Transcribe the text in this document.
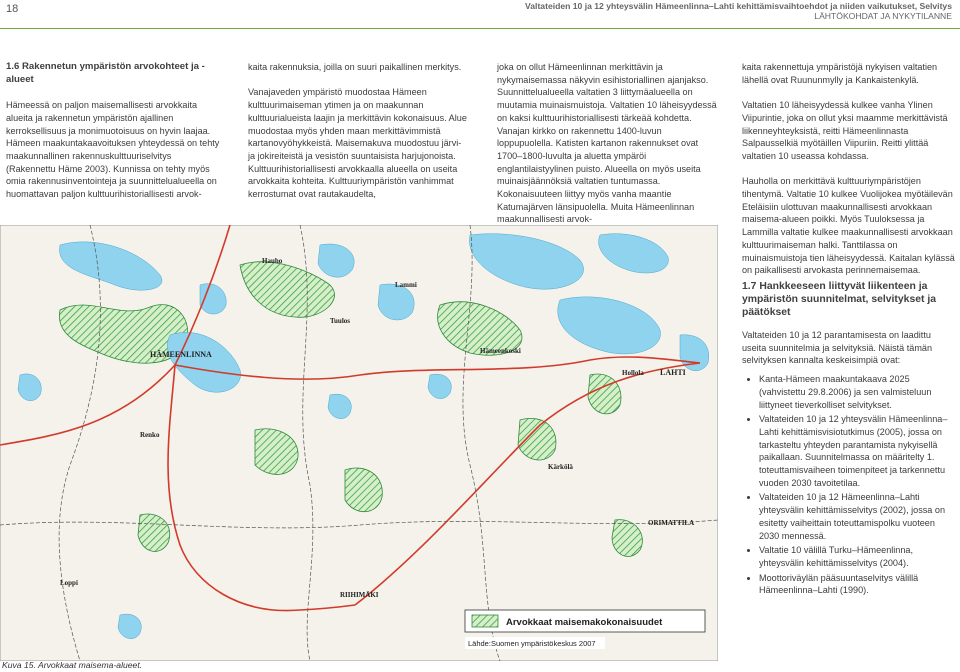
18	Valtateiden 10 ja 12 yhteysvälin Hämeenlinna–Lahti kehittämisvaihtoehdot ja niiden vaikutukset, Selvitys
LÄHTÖKOHDAT JA NYKYTILANNE
1.6 Rakennetun ympäristön arvokohteet ja -alueet

Hämeessä on paljon maisemallisesti arvokkaita alueita ja rakennetun ympäristön ajallinen kerroksellisuus ja monimuotoisuus on hyvin laajaa. Hämeen maakuntakaavoituksen yhteydessä on tehty maakunnallinen rakennuskulttuuriselvitys (Rakennettu Häme 2003). Kunnissa on tehty myös omia rakennusinventointeja ja suunnittelualueella on huomattavan paljon kulttuurihistoriallisesti arvok-

kaita rakennuksia, joilla on suuri paikallinen merkitys.

Vanajaveden ympäristö muodostaa Hämeen kulttuurimaiseman ytimen ja on maakunnan kulttuurialueista laajin ja merkittävin kokonaisuus. Alue muodostaa myös yhden maan merkittävimmistä kartanovyöhykkeistä. Maisemakuva muodostuu järvi- ja jokireiteistä ja vesistön suuntaisista harjujonoista. Kulttuurihistoriallisesti arvokkaalla alueella on useita arvokkaita kohteita. Kulttuuriympäristön vanhimmat kerrostumat ovat rautakaudelta,

joka on ollut Hämeenlinnan merkittävin ja nykymaisemassa näkyvin esihistoriallinen ajanjakso. Suunnittelualueella valtatien 3 liittymäalueella on muutamia muinaismuistoja. Valtatien 10 läheisyydessä on kaksi kulttuurihistoriallisesti tärkeää kohdetta. Vanajan kirkko on rakennettu 1400-luvun loppupuolella. Katisten kartanon rakennukset ovat 1700–1800-luvulta ja aluetta ympäröi englantilaistyylinen puisto. Alueella on myös useita muinaisjäännöksiä valtatien tuntumassa. Kokonaisuuteen liittyy myös vanha maantie Katumajärven länsipuolella. Muita Hämeenlinnan maakunnallisesti arvok-

kaita rakennettuja ympäristöjä nykyisen valtatien lähellä ovat Ruununmylly ja Kankaistenkylä.

Valtatien 10 läheisyydessä kulkee vanha Ylinen Viipurintie, joka on ollut yksi maamme merkittävistä liikenneyhteyksistä, reitti Hämeenlinnasta Salpausselkiä myötäillen Viipuriin. Reitti ylittää valtatien 10 useassa kohdassa.

Hauholla on merkittävä kulttuuriympäristöjen tihentymä. Valtatie 10 kulkee Vuolijokea myötäilevän Eteläisiin ulottuvan maakunnallisesti arvokkaan maisema-alueen poikki. Myös Tuuloksessa ja Lammilla valtatie kulkee maakunnallisesti arvokkaan kulttuurimaiseman halki. Tanttilassa on muinaismuistoja tien läheisyydessä. Kaitalan kylässä on paikallisesti arvokasta perinnemaisemaa.

1.7 Hankkeeseen liittyvät liikenteen ja ympäristön suunnitelmat, selvitykset ja päätökset

Valtateiden 10 ja 12 parantamisesta on laadittu useita suunnitelmia ja selvityksiä. Näistä tämän selvityksen kannalta keskeisimpiä ovat:

• Kanta-Hämeen maakuntakaava 2025 (vahvistettu 29.8.2006) ja sen valmisteluun liittyneet tieverkolliset selvitykset.
• Valtateiden 10 ja 12 yhteysvälin Hämeenlinna–Lahti kehittämisvisiotutkimus (2005), jossa on tarkasteltu yhteyden parantamista nykyisellä paikallaan. Suunnitelmassa on määritelty 1. toteuttamisvaiheen toimenpiteet ja tarkennettu vuoden 2030 tavoitetilaa.
• Valtateiden 10 ja 12 Hämeenlinna–Lahti yhteysvälin kehittämisselvitys (2002), jossa on esitetty vaiheittain toteuttamispolku vuoteen 2030 mennessä.
• Valtatie 10 välillä Turku–Hämeenlinna, yhteysvälin kehittämisselvitys (2004).
• Moottoriväylän pääsuuntaselvitys välillä Hämeenlinna–Lahti (1990).
HÄMEENLINNA	Hämeenkoski
LAHTI
Hollola
Renko
Kärkölä
ORIMATTILA
RIIHIMÄKI
Lammi
Tuulos
Hauho
Loppi
Arvokkaat maisemakokonaisuudet
Lähde:Suomen ympäristökeskus 2007
Kuva 15. Arvokkaat maisema-alueet.
